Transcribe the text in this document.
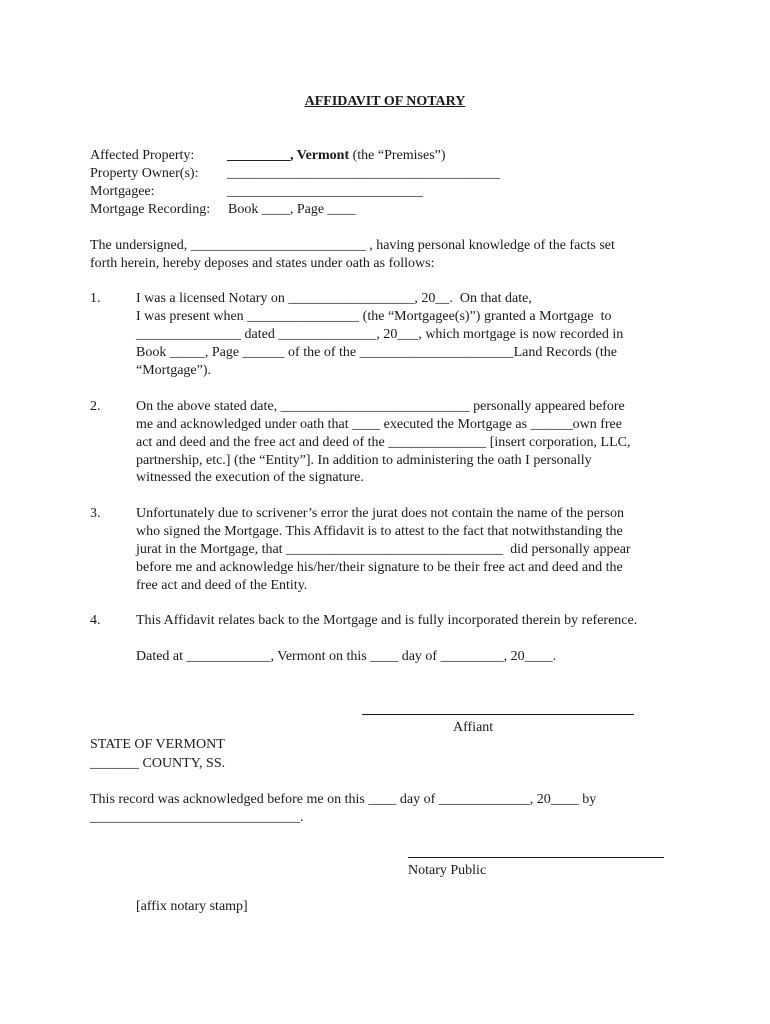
AFFIDAVIT OF NOTARY
Affected Property: _________, Vermont (the “Premises”)
Property Owner(s): _______________________________________
Mortgagee:	____________________________
Mortgage Recording: Book ____, Page ____
The undersigned, _________________________ , having personal knowledge of the facts set
forth herein, hereby deposes and states under oath as follows:
1.	I was a licensed Notary on __________________, 20__.  On that date,
I was present when ________________ (the “Mortgagee(s)”) granted a Mortgage  to
_______________ dated ______________, 20___, which mortgage is now recorded in
Book _____, Page ______ of the of the ______________________Land Records (the
“Mortgage”).
2.	On the above stated date, ___________________________ personally appeared before
me and acknowledged under oath that ____ executed the Mortgage as ______own free
act and deed and the free act and deed of the ______________ [insert corporation, LLC,
partnership, etc.] (the “Entity”]. In addition to administering the oath I personally
witnessed the execution of the signature.
3.	Unfortunately due to scrivener’s error the jurat does not contain the name of the person
who signed the Mortgage. This Affidavit is to attest to the fact that notwithstanding the
jurat in the Mortgage, that _______________________________  did personally appear
before me and acknowledge his/her/their signature to be their free act and deed and the
free act and deed of the Entity.
4.	This Affidavit relates back to the Mortgage and is fully incorporated therein by reference.
Dated at ____________, Vermont on this ____ day of _________, 20____.
Affiant
STATE OF VERMONT
_______ COUNTY, SS.
This record was acknowledged before me on this ____ day of _____________, 20____ by
______________________________.
Notary Public
[affix notary stamp]
